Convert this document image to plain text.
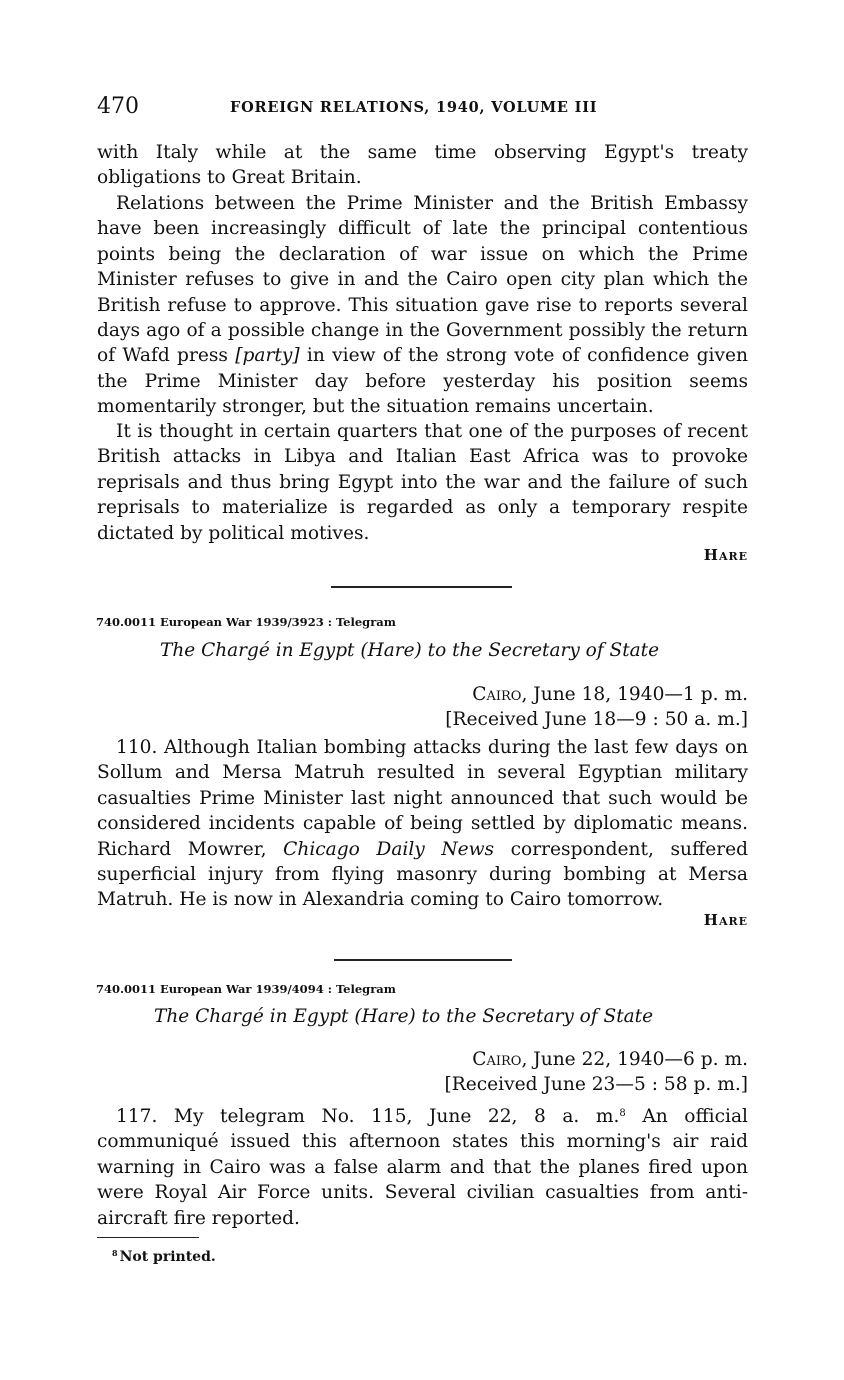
470	FOREIGN RELATIONS, 1940, VOLUME III

with Italy while at the same time observing Egypt's treaty obligations to Great Britain.

Relations between the Prime Minister and the British Embassy have been increasingly difficult of late the principal contentious points being the declaration of war issue on which the Prime Minister refuses to give in and the Cairo open city plan which the British refuse to approve. This situation gave rise to reports several days ago of a possible change in the Government possibly the return of Wafd press [party] in view of the strong vote of confidence given the Prime Minister day before yesterday his position seems momentarily stronger, but the situation remains uncertain.

It is thought in certain quarters that one of the purposes of recent British attacks in Libya and Italian East Africa was to provoke reprisals and thus bring Egypt into the war and the failure of such reprisals to materialize is regarded as only a temporary respite dictated by political motives.

Hare
740.0011 European War 1939/3923 : Telegram
The Chargé in Egypt (Hare) to the Secretary of State
Cairo, June 18, 1940—1 p. m.
[Received June 18—9 : 50 a. m.]

110. Although Italian bombing attacks during the last few days on Sollum and Mersa Matruh resulted in several Egyptian military casualties Prime Minister last night announced that such would be considered incidents capable of being settled by diplomatic means. Richard Mowrer, Chicago Daily News correspondent, suffered superficial injury from flying masonry during bombing at Mersa Matruh. He is now in Alexandria coming to Cairo tomorrow.

Hare
740.0011 European War 1939/4094 : Telegram
The Chargé in Egypt (Hare) to the Secretary of State
Cairo, June 22, 1940—6 p. m.
[Received June 23—5 : 58 p. m.]

117. My telegram No. 115, June 22, 8 a. m.$^8$ An official communiqué issued this afternoon states this morning's air raid warning in Cairo was a false alarm and that the planes fired upon were Royal Air Force units. Several civilian casualties from anti-aircraft fire reported.

$^8$ Not printed.
